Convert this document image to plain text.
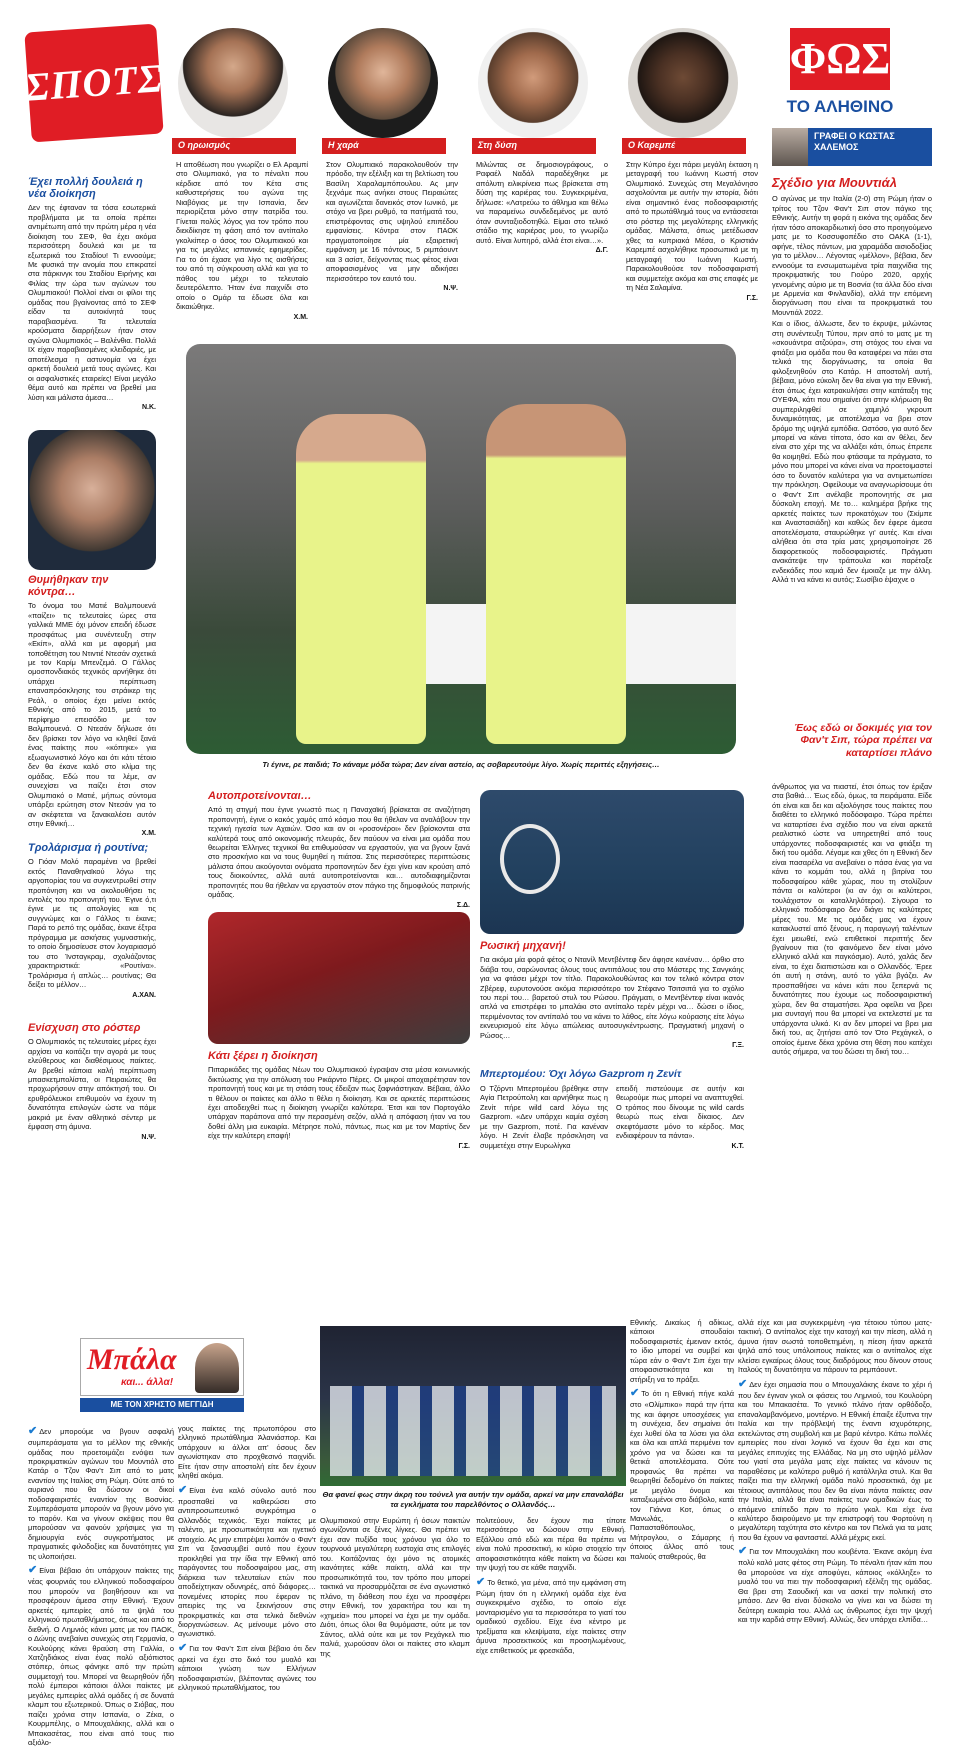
ΣΠΟΤΣ
Ο ηρωισμός	Η χαρά	Στη δύση	Ο Καρεμπέ
ΦΩΣ
ΤΟ ΑΛΗΘΙΝΟ
Έχει πολλή δουλειά η νέα διοίκηση

Δεν της έφταναν τα τόσα εσωτερικά προβλήματα με τα οποία πρέπει αντιμέτωπη από την πρώτη μέρα η νέα διοίκηση του ΣΕΦ, θα έχει ακόμα περισσότερη δουλειά και με τα εξωτερικά του Σταδίου! Τι εννοούμε; Με φυσικά την ανομία που επικρατεί στα πάρκινγκ του Σταδίου Ειρήνης και Φιλίας την ώρα των αγώνων του Ολυμπιακού! Πολλοί είναι οι φίλοι της ομάδας που βγαίνοντας από το ΣΕΦ είδαν τα αυτοκίνητά τους παραβιασμένα. Τα τελευταία κρούσματα διαρρήξεων ήταν στον αγώνα Ολυμπιακός – Βαλένθια. Πολλά ΙΧ είχαν παραβιασμένες κλειδαριές, με αποτέλεσμα η αστυνομία να έχει αρκετή δουλειά μετά τους αγώνες. Και οι ασφαλιστικές εταιρείες! Είναι μεγάλο θέμα αυτό και πρέπει να βρεθεί μια λύση και μάλιστα άμεσα…

Ν.Κ.

Η αποθέωση που γνωρίζει ο Ελ Αραμπί στο Ολυμπιακό, για το πέναλτι που κέρδισε από τον Κέτα στις καθυστερήσεις του αγώνα της Νιαβόγιας με την Ισπανία, δεν περιορίζεται μόνο στην πατρίδα του. Γίνεται πολύς λόγος για τον τρόπο που διεκδίκησε τη φάση από τον αντίπαλο γκολκίπερ ο άσος του Ολυμπιακού και για τις μεγάλες ισπανικές εφημερίδες. Για το ότι έχασε για λίγο τις αισθήσεις του από τη σύγκρουση αλλά και για το πάθος του μέχρι το τελευταίο δευτερόλεπτο. Ήταν ένα παιχνίδι στο οποίο ο Ομάρ τα έδωσε όλα και δικαιώθηκε.

Χ.Μ.

Στον Ολυμπιακό παρακολουθούν την πρόοδο, την εξέλιξη και τη βελτίωση του Βασίλη Χαραλαμπόπουλου. Ας μην ξεχνάμε πως ανήκει στους Πειραιώτες και αγωνίζεται δανεικός στον Ιωνικό, με στόχο να βρει ρυθμό, τα πατήματά του, επιστρέφοντας στις υψηλού επιπέδου εμφανίσεις. Κόντρα στον ΠΑΟΚ πραγματοποίησε μία εξαιρετική εμφάνιση με 16 πόντους, 5 ριμπάουντ και 3 ασίστ, δείχνοντας πως φέτος είναι αποφασισμένος να μην αδικήσει περισσότερο τον εαυτό του.

Ν.Ψ.

Μιλώντας σε δημοσιογράφους, ο Ραφαέλ Ναδάλ παραδέχθηκε με απόλυτη ειλικρίνεια πως βρίσκεται στη δύση της καριέρας του. Συγκεκριμένα, δήλωσε: «Λατρεύω το άθλημα και θέλω να παραμείνω συνδεδεμένος με αυτό όταν συνταξιοδοτηθώ. Είμαι στο τελικό στάδιο της καριέρας μου, το γνωρίζω αυτό. Είναι λυπηρό, αλλά έτσι είναι…».

Δ.Γ.

Στην Κύπρο έχει πάρει μεγάλη έκταση η μεταγραφή του Ιωάννη Κωστή στον Ολυμπιακό. Συνεχώς στη Μεγαλόνησο ασχολούνται με αυτήν την ιστορία, διότι είναι σημαντικό ένας ποδοσφαιριστής από το πρωτάθλημά τους να εντάσσεται στο ρόστερ της μεγαλύτερης ελληνικής ομάδας. Μάλιστα, όπως μετέδωσαν χθες τα κυπριακά Μέσα, ο Κριστιάν Καρεμπέ ασχολήθηκε προσωπικά με τη μεταγραφή του Ιωάννη Κωστή. Παρακολουθούσε τον ποδοσφαιριστή και συμμετείχε ακόμα και στις επαφές με τη Νέα Σαλαμίνα.

Γ.Σ.
ΓΡΑΦΕΙ Ο ΚΩΣΤΑΣ ΧΑΛΕΜΟΣ
Σχέδιο για Μουντιάλ

Ο αγώνας με την Ιταλία (2-0) στη Ρώμη ήταν ο τρίτος του Τζον Φαν'τ Σιπ στον πάγκο της Εθνικής. Αυτήν τη φορά η εικόνα της ομάδας δεν ήταν τόσο αποκαρδιωτική όσο στο προηγούμενο ματς με το Κοσσυφοπέδιο στο ΟΑΚΑ (1-1), αφήνε, τέλος πάντων, μια χαραμάδα αισιοδοξίας για το μέλλον… Λέγοντας «μέλλον», βέβαια, δεν εννοούμε τα ενσωματωμένα τρία παιχνίδια της προκριματικής του Γιούρο 2020, αρχής γενομένης αύριο με τη Βοσνία (τα άλλα δύο είναι με Αρμενία και Φινλανδία), αλλά την επόμενη διοργάνωση που είναι τα προκριματικά του Μουντιάλ 2022.

Και ο ίδιος, άλλωστε, δεν το έκρυψε, μιλώντας στη συνέντευξη Τύπου, πριν από το ματς με τη «σκουάντρα ατζούρα», στη στόχος του είναι να φτιάξει μια ομάδα που θα καταφέρει να πάει στα τελικά της διοργάνωσης, τα οποία θα φιλοξενηθούν στο Κατάρ. Η αποστολή αυτή, βέβαια, μόνο εύκολη δεν θα είναι για την Εθνική, έτσι όπως έχει κατρακυλήσει στην κατάταξη της ΟΥΕΦΑ, κάτι που σημαίνει ότι στην κλήρωση θα συμπεριληφθεί σε χαμηλό γκρουπ δυναμικότητας, με αποτέλεσμα να βρει στον δρόμο της υψηλά εμπόδια. Ωστόσο, για αυτό δεν μπορεί να κάνει τίποτα, όσο και αν θέλει, δεν είναι στο χέρι της να αλλάξει κάτι, όπως έπρεπε θα κοιμηθεί. Εδώ που φτάσαμε τα πράγματα, το μόνο που μπορεί να κάνει είναι να προετοιμαστεί όσο το δυνατόν καλύτερα για να αντιμετωπίσει την πρόκληση. Οφείλουμε να αναγνωρίσουμε ότι ο Φαν'τ Σιπ ανέλαβε προπονητής σε μια δύσκολη εποχή. Με το… καλημέρα βρήκε της αρκετές παίκτες των προκατόχων του (Σκίμπε και Αναστασιάδη) και καθώς δεν έφερε άμεσα αποτελέσματα, σταυρώθηκε γι' αυτές. Και είναι αλήθεια ότι στα τρία ματς χρησιμοποίησε 26 διαφορετικούς ποδοσφαιριστές. Πράγματι ανακάτεψε την τράπουλα και παρέταξε ενδεκάδες που καμιά δεν έμοιαζε με την άλλη. Αλλά τι να κάνει κι αυτός; Σωσίβιο έψαχνε ο

Έως εδώ οι δοκιμές για τον Φαν'τ Σιπ, τώρα πρέπει να καταρτίσει πλάνο

άνθρωπος για να πιαστεί, έτσι όπως τον έριξαν στα βαθιά… Έως εδώ, όμως, τα πειράματα. Είδε ότι είναι και δει και αξιολόγησε τους παίκτες που διαθέτει το ελληνικό ποδόσφαιρο. Τώρα πρέπει να καταρτίσει ένα σχέδιο που να είναι αρκετά ρεαλιστικό ώστε να υπηρετηθεί από τους υπάρχοντες ποδοσφαιριστές και να φτιάξει τη δική του ομάδα. Λέγαμε και χθες ότι η Εθνική δεν είναι πασαρέλα να ανεβαίνει ο πάσα ένας για να κάνει το κομμάτι του, αλλά η βιτρίνα του ποδοσφαίρου κάθε χώρας, που τη στολίζουν πάντα οι καλύτεροι (κι αν όχι οι καλύτεροι, τουλάχιστον οι καταλληλότεροι). Σίγουρα το ελληνικό ποδόσφαιρο δεν διάγει τις καλύτερες μέρες του. Με τις ομάδες μας να έχουν κατακλυστεί από ξένους, η παραγωγή ταλέντων έχει μειωθεί, ενώ επιθετικοί περιπτής δεν βγαίνουν πια (το φαινόμενο δεν είναι μόνο ελληνικό αλλά και παγκόσμιο). Αυτό, χαλάς δεν είναι, το έχει διαπιστώσει και ο Ολλανδός. Έρεε ότι αυτή η στάνη, αυτό το γάλα βγάζει. Αν προσπαθήσει να κάνει κάτι που ξεπερνά τις δυνατότητες που έχουμε ως ποδοσφαιριστική χώρα, δεν θα σταματήσει. Άρα οφείλει να βρει μια συνταγή που θα μπορεί να εκτελεστεί με τα υπάρχοντα υλικά. Κι αν δεν μπορεί να βρει μια δική του, ας ζητήσει από τον Ότο Ρεχάγκελ, ο οποίος έμεινε δέκα χρόνια στη θέση που κατέχει αυτός σήμερα, να του δώσει τη δική του…

Θυμήθηκαν την κόντρα…

Το όνομα του Ματιέ Βαλμπουενά «παίζει» τις τελευταίες ώρες στα γαλλικά ΜΜΕ όχι μόνον επειδή έδωσε προσφάτως μια συνέντευξη στην «Εκίπ», αλλά και με αφορμή μια τοποθέτηση του Ντιντιέ Ντεσάν σχετικά με τον Καρίμ Μπενζεμά. Ο Γάλλος ομοσπονδιακός τεχνικός αρνήθηκε ότι υπάρχει περίπτωση επαναπρόσκλησης του στράικερ της Ρεάλ, ο οποίος έχει μείνει εκτός Εθνικής από το 2015, μετά το περίφημο επεισόδιο με τον Βαλμπουενά. Ο Ντεσάν δήλωσε ότι δεν βρίσκει τον λόγο να κληθεί ξανά ένας παίκτης που «κόπηκε» για εξωαγωνιστικό λόγο και ότι κάτι τέτοιο δεν θα έκανε καλό στο κλίμα της ομάδας. Εδώ που τα λέμε, αν συνεχίσει να παίζει έτσι στον Ολυμπιακό ο Ματιέ, μήπως σύντομα υπάρξει ερώτηση στον Ντεσάν για το αν σκέφτεται να ξανακαλέσει αυτόν στην Εθνική…

Χ.Μ.
Τρολάρισμα ή ρουτίνα;

Ο Γιόαν Μολό παραμένει να βρεθεί εκτός Παναθηναϊκού λόγω της αργοπορίας του να συγκεντρωθεί στην προπόνηση και να ακολουθήσει τις εντολές του προπονητή του. Έγινε ό,τι έγινε με τις απολογίες και τις συγγνώμες και ο Γάλλος τι έκανε; Παρά το ρεπό της ομάδας, έκανε έξτρα πρόγραμμα με ασκήσεις γυμναστικής, το οποίο δημοσίευσε στον λογαριασμό του στο Ίνσταγκραμ, σχολιάζοντας χαρακτηριστικά: «Ρουτίνα». Τρολάρισμα ή απλώς… ρουτίνας; Θα δείξει το μέλλον…

Α.ΧΑΝ.
Ενίσχυση στο ρόστερ

Ο Ολυμπιακός τις τελευταίες μέρες έχει αρχίσει να κοιτάζει την αγορά με τους ελεύθερους και διαθέσιμους παίκτες. Αν βρεθεί κάποια καλή περίπτωση μπασκετμπολίστα, οι Πειραιώτες θα προχωρήσουν στην απόκτησή του. Οι ερυθρόλευκοι επιθυμούν να έχουν τη δυνατότητα επιλογών ώστε να πάμε μακριά με έναν αθλητικό σέντερ με έμφαση στη άμυνα.

Ν.Ψ.
Τι έγινε, ρε παιδιά; Το κάναμε μόδα τώρα; Δεν είναι αστείο, ας σοβαρευτούμε λίγο. Χωρίς περιττές εξηγήσεις…
Αυτοπροτείνονται…

Από τη στιγμή που έγινε γνωστό πως η Παναχαϊκή βρίσκεται σε αναζήτηση προπονητή, έγινε ο κακός χαμός από κόσμο που θα ήθελαν να αναλάβουν την τεχνική ηγεσία των Αχαιών. Όσο και αν οι «ροσονέροι» δεν βρίσκονται στα καλύτερά τους από οικονομικής πλευράς, δεν παύουν να είναι μια ομάδα που θεωρείται Έλληνες τεχνικοί θα επιθυμούσαν να εργαστούν, για να βγουν ξανά στο προσκήνιο και να τους θυμηθεί η πιάτσα. Στις περισσότερες περιπτώσεις μάλιστα όπου ακούγονται ονόματα προπονητών δεν έχει γίνει καν κρούση από τους διοικούντες, αλλά αυτά αυτοπροτείνονται και… αυτοδιαφημίζονται προπονητές που θα ήθελαν να εργαστούν στον πάγκο της δημοφιλούς πατρινής ομάδας.

Σ.Δ.
Κάτι ξέρει η διοίκηση

Πιπαρικάδες της ομάδας Νέων του Ολυμπιακού έγραψαν στα μέσα κοινωνικής δικτύωσης για την απόλυση του Ρικάρντο Πέρες. Οι μικροί αποχαιρέτησαν τον προπονητή τους και με τη στάση τους έδειξαν πως ξαφνιάστηκαν. Βέβαια, άλλο τι θέλουν οι παίκτες και άλλο τι θέλει η διοίκηση. Και σε αρκετές περιπτώσεις έχει αποδειχθεί πως η διοίκηση γνωρίζει καλύτερα. Έτσι και τον Πορτογάλο υπάρχαν παράπονα από την περασμένη σεζόν, αλλά η απόφαση ήταν να του δοθεί άλλη μια ευκαιρία. Μέτρησε πολύ, πάντως, πως και με τον Μαρτίνς δεν είχε την καλύτερη επαφή!

Γ.Σ.
Ρωσική μηχανή!

Για ακόμα μία φορά φέτος ο Ντανίλ Μεντβέντεφ δεν άφησε κανέναν… όρθιο στο διάβα του, σαρώνοντας όλους τους αντιπάλους του στο Μάστερς της Σανγκάης για να φτάσει μέχρι τον τίτλο. Παρακολουθώντας και τον τελικό κόντρα στον Ζβέρεφ, ευρυτονούσε ακόμα περισσότερο τον Στέφανο Τσιτσιπά για το σχόλιο του περί του… βαρετού στυλ του Ρώσου. Πράγματι, ο Μεντβέντεφ είναι ικανός απλά να επιστρέφει το μπαλάκι στο αντίπαλο τερέν μέχρι να… δώσει ο ίδιος, περιμένοντας τον αντίπαλό του να κάνει το λάθος, είτε λόγω κούρασης είτε λόγω εκνευρισμού είτε λόγω απώλειας αυτοσυγκέντρωσης. Πραγματική μηχανή ο Ρώσος…

Γ.Ξ.
Μπερτομέου: Όχι λόγω Gazprom η Ζενίτ

Ο Τζόρντι Μπερτομέου βρέθηκε στην Αγία Πετρούπολη και αρνήθηκε πως η Ζενίτ πήρε wild card λόγω της Gazprom. «Δεν υπάρχει καμία σχέση με την Gazprom, ποτέ. Για κανέναν λόγο. Η Ζενίτ έλαβε πρόσκληση να συμμετέχει στην Ευρωλίγκα

επειδή πιστεύουμε σε αυτήν και θεωρούμε πως μπορεί να αναπτυχθεί. Ο τρόπος που δίνουμε τις wild cards θεωρώ πως είναι δίκαιος. Δεν σκεφτόμαστε μόνο το κέρδος. Μας ενδιαφέρουν τα πάντα».

Κ.Τ.
Μπάλα
και... άλλα!
ΜΕ ΤΟΝ ΧΡΗΣΤΟ ΜΕΓΓΙΔΗ
Θα φανεί φως στην άκρη του τούνελ για αυτήν την ομάδα, αρκεί να μην επαναλάβει τα εγκλήματα του παρελθόντος ο Ολλανδός…

✔ Δεν μπορούμε να βγουν ασφαλή συμπεράσματα για το μέλλον της εθνικής ομάδας που προετοιμάζει ενόψει των προκριματικών αγώνων του Μουντιάλ στο Κατάρ ο Τζον Φαν'τ Σιπ από το ματς εναντίον της Ιταλίας στη Ρώμη. Ούτε από το αυριανό που θα δώσουν οι δικοί ποδοσφαιριστές εναντίον της Βοσνίας. Συμπεράσματα μπορούν να βγουν μόνο για το παρόν. Και να γίνουν σκέψεις που θα μπορούσαν να φανούν χρήσιμες για τη δημιουργία ενός συγκροτήματος με πραγματικές φιλοδοξίες και δυνατότητες για τις υλοποιήσει.

✔ Είναι βέβαιο ότι υπάρχουν παίκτες της νέας φουρνιάς του ελληνικού ποδοσφαίρου που μπορούν να βοηθήσουν και να προσφέρουν άμεσα στην Εθνική. Έχουν αρκετές εμπειρίες από τα ψηλά του ελληνικού πρωταθλήματος, όπως και από το διεθνή. Ο Λημνιός κάνει ματς με τον ΠΑΟΚ, ο Δώνης ανεβαίνει συνεχώς στη Γερμανία, ο Κουλούρης κάνει θραύση στη Γαλλία, ο Χατζηδιάκος είναι ένας πολύ αξιόπιστος στόπερ, όπως φάνηκε από την πρώτη συμμετοχή του. Μπορεί να θεωρηθούν ήδη πολύ έμπειροι κάποιοι άλλοι παίκτες με μεγάλες εμπειρίες αλλά ομάδες ή σε δυνατά κλαμπ του εξωτερικού. Όπως ο Σιόβας, που παίζει χρόνια στην Ισπανία, ο Ζέκα, ο Κουρμπέλης, ο Μπουχαλάκης, αλλά και ο Μπακασέτας, που είναι από τους πιο αξιόλο-

γους παίκτες της πρωτοπόρου στο ελληνικό πρωτάθλημα Άλανιάσπορ. Και υπάρχουν κι άλλοι απ' όσους δεν αγωνίστηκαν στο προχθεσινό παιχνίδι. Είτε ήταν στην αποστολή είτε δεν έχουν κληθεί ακόμα.

✔ Είναι ένα καλό σύνολο αυτό που προσπαθεί να καθιερώσει στο αντιπροσωπευτικό συγκρότημα ο Ολλανδός τεχνικός. Έχει παίκτες με ταλέντο, με προσωπικότητα και ηγετικό στοιχείο. Ας μην επιτρέψει λοιπόν ο Φαν'τ Σιπ να ξανασυμβεί αυτό που έχουν προκληθεί για την ίδια την Εθνική από παράγοντες του ποδοσφαίρου μας, στη διάρκεια των τελευταίων ετών που αποδείχτηκαν οδυνηρές, από διάφορες… πονεμένες ιστορίες που έφεραν τις απειρίες της να ξεκινήσουν στις προκριματικές και στα τελικά διεθνών διοργανώσεων. Ας μείνουμε μόνο στο αγωνιστικό.

✔ Για τον Φαν'τ Σιπ είναι βέβαιο ότι δεν αρκεί να έχει στο δικό του μυαλό και κάποιοι γνώση των Ελλήνων ποδοσφαιριστών, βλέποντας αγώνες του ελληνικού πρωταθλήματος, του

Ολυμπιακού στην Ευρώπη ή όσων παικτών αγωνίζονται σε ξένες λίγκες. Θα πρέπει να έχει σαν πυξίδα τους χρόνου για όλο το τουρνουά μεγαλύτερη ευστοχία στις επιλογές του. Κοιτάζοντας όχι μόνο τις ατομικές ικανότητες κάθε παίκτη, αλλά και την προσωπικότητά του, τον τρόπο που μπορεί τακτικά να προσαρμόζεται σε ένα αγωνιστικό πλάνο, τη διάθεση που έχει να προσφέρει στην Εθνική, τον χαρακτήρα του και τη «χημεία» που μπορεί να έχει με την ομάδα. Διότι, όπως όλοι θα θυμόμαστε, ούτε με τον Σάντος, αλλά ούτε και με τον Ρεχάγκελ πιο παλιά, χωρούσαν όλοι οι παίκτες στο κλαμπ της

Εθνικής. Δικαίως ή αδίκως, κάποιοι σπουδαίοι ποδοσφαιριστές έμειναν εκτός, το ίδιο μπορεί να συμβεί και τώρα εάν ο Φαν'τ Σιπ έχει την αποφασιστικότητα και τη στήριξη να το πράξει.

✔ Το ότι η Εθνική πήγε καλά στο «Ολίμπικο» παρά την ήττα της και άφησε υποσχέσεις για τη συνέχεια, δεν σημαίνει ότι έχει λυθεί όλα τα λύσει για όλα και όλα και απλά περιμένει τον χρόνο για να δώσει και τα θετικά αποτελέσματα. Ούτε προφανώς θα πρέπει να θεωρηθεί δεδομένο ότι παίκτες με μεγάλο όνομα και καταξιωμένοι στο διάβολο, κατά τον Γιάννα Κοτ, όπως ο Μανωλάς, ο Παπασταθόπουλος, ο Μήτρογλου, ο Σάμαρης ή όποιος άλλος από τους παλιούς σταθερούς, θα

πολιτεύουν, δεν έχουν πια τίποτε περισσότερο να δώσουν στην Εθνική. Εξάλλου από εδώ και πέρα θα πρέπει να είναι πολύ προσεκτική, κι κύριο στοιχείο την αποφασιστικότητα κάθε παίκτη να δώσει και την ψυχή του σε κάθε παιχνίδι.

✔ Το θετικό, για μένα, από την εμφάνιση στη Ρώμη ήταν ότι η ελληνική ομάδα είχε ένα συγκεκριμένο σχέδιο, το οποίο είχε μονταρισμένο για τα περισσότερα το γιατί του ομαδικού σχεδίου. Είχε ένα κέντρο με τρεξίματα και κλειψίματα, είχε παίκτες στην άμυνα προσεκτικούς και προσηλωμένους, είχε επιθετικούς με φρεσκάδα,

αλλά είχε και μια συγκεκριμένη -για τέτοιου τύπου ματς- τακτική. Ο αντίπαλος είχε την κατοχή και την πίεση, αλλά η άμυνα ήταν σωστά τοποθετημένη, η πίεση ήταν αρκετά ψηλά από τους υπόλοιπους παίκτες και ο αντίπαλος είχε κλείσει εγκαίρως όλους τους διαδρόμους που δίνουν στους Ιταλούς τη δυνατότητα να πάρουν τα ρεμπάουντ.

✔ Δεν έχει σημασία που ο Μπουχαλάκης έκανε το χέρι ή που δεν έγιναν γκολ οι φάσεις του Λημνιού, του Κουλούρη και του Μπακασέτα. Το γενικό πλάνο ήταν ορθόδοξο, επαναλαμβανόμενο, μοντέρνο. Η Εθνική έπαιξε έξυπνα την Ιταλία και την πρόβλεψή της έναντι ισχυρότερης, εκτελώντας στη συμβολή και με βαρύ κέντρο. Κάτω πολλές εμπειρίες που είναι λογικό να έχουν θα έχει και στις μεγάλες επιτυχίες της Ελλάδας. Να μη στο υψηλό μέλλον του γιατί στα μεγάλα ματς είχε παίκτες να κάνουν τις παραθέσεις με καλύτερο ρυθμό ή κατάλληλα στυλ. Και θα παίξει πια την ελληνική ομάδα πολύ προσεκτικά, όχι με τέτοιους αντιπάλους που δεν θα είναι πάντα παίκτες σαν την Ιταλία, αλλά θα είναι παίκτες των ομαδικών έως το επόμενο επίπεδο πριν το πρώτο γκολ. Και είχε ένα καλύτερο διαιρούμενο με την επιστροφή του Φορτούνη η μεγαλύτερη ταχύτητα στο κέντρο και τον Πελκά για τα ματς που θα έχουν να φανταστεί. Αλλά μέχρις εκεί.

✔ Για τον Μπουχαλάκη που κουβέντα. Έκανε ακόμη ένα πολύ καλό ματς φέτος στη Ρώμη. Το πέναλτι ήταν κάτι που θα μπορούσε να είχε αποφύγει, κάποιος «κόλληξε» το μυαλό του να πιει την ποδοσφαιρική εξέλιξη της ομάδας. Θα βρει στη Σαουδική και να ασκεί την πολιτική στο μπάσο. Δεν θα είναι δύσκολο να γίνει και να δώσει τη δεύτερη ευκαιρία του. Αλλά ως άνθρωπος έχει την ψυχή και την καρδιά στην Εθνική. Αλλιώς, δεν υπάρχει ελπίδα…
